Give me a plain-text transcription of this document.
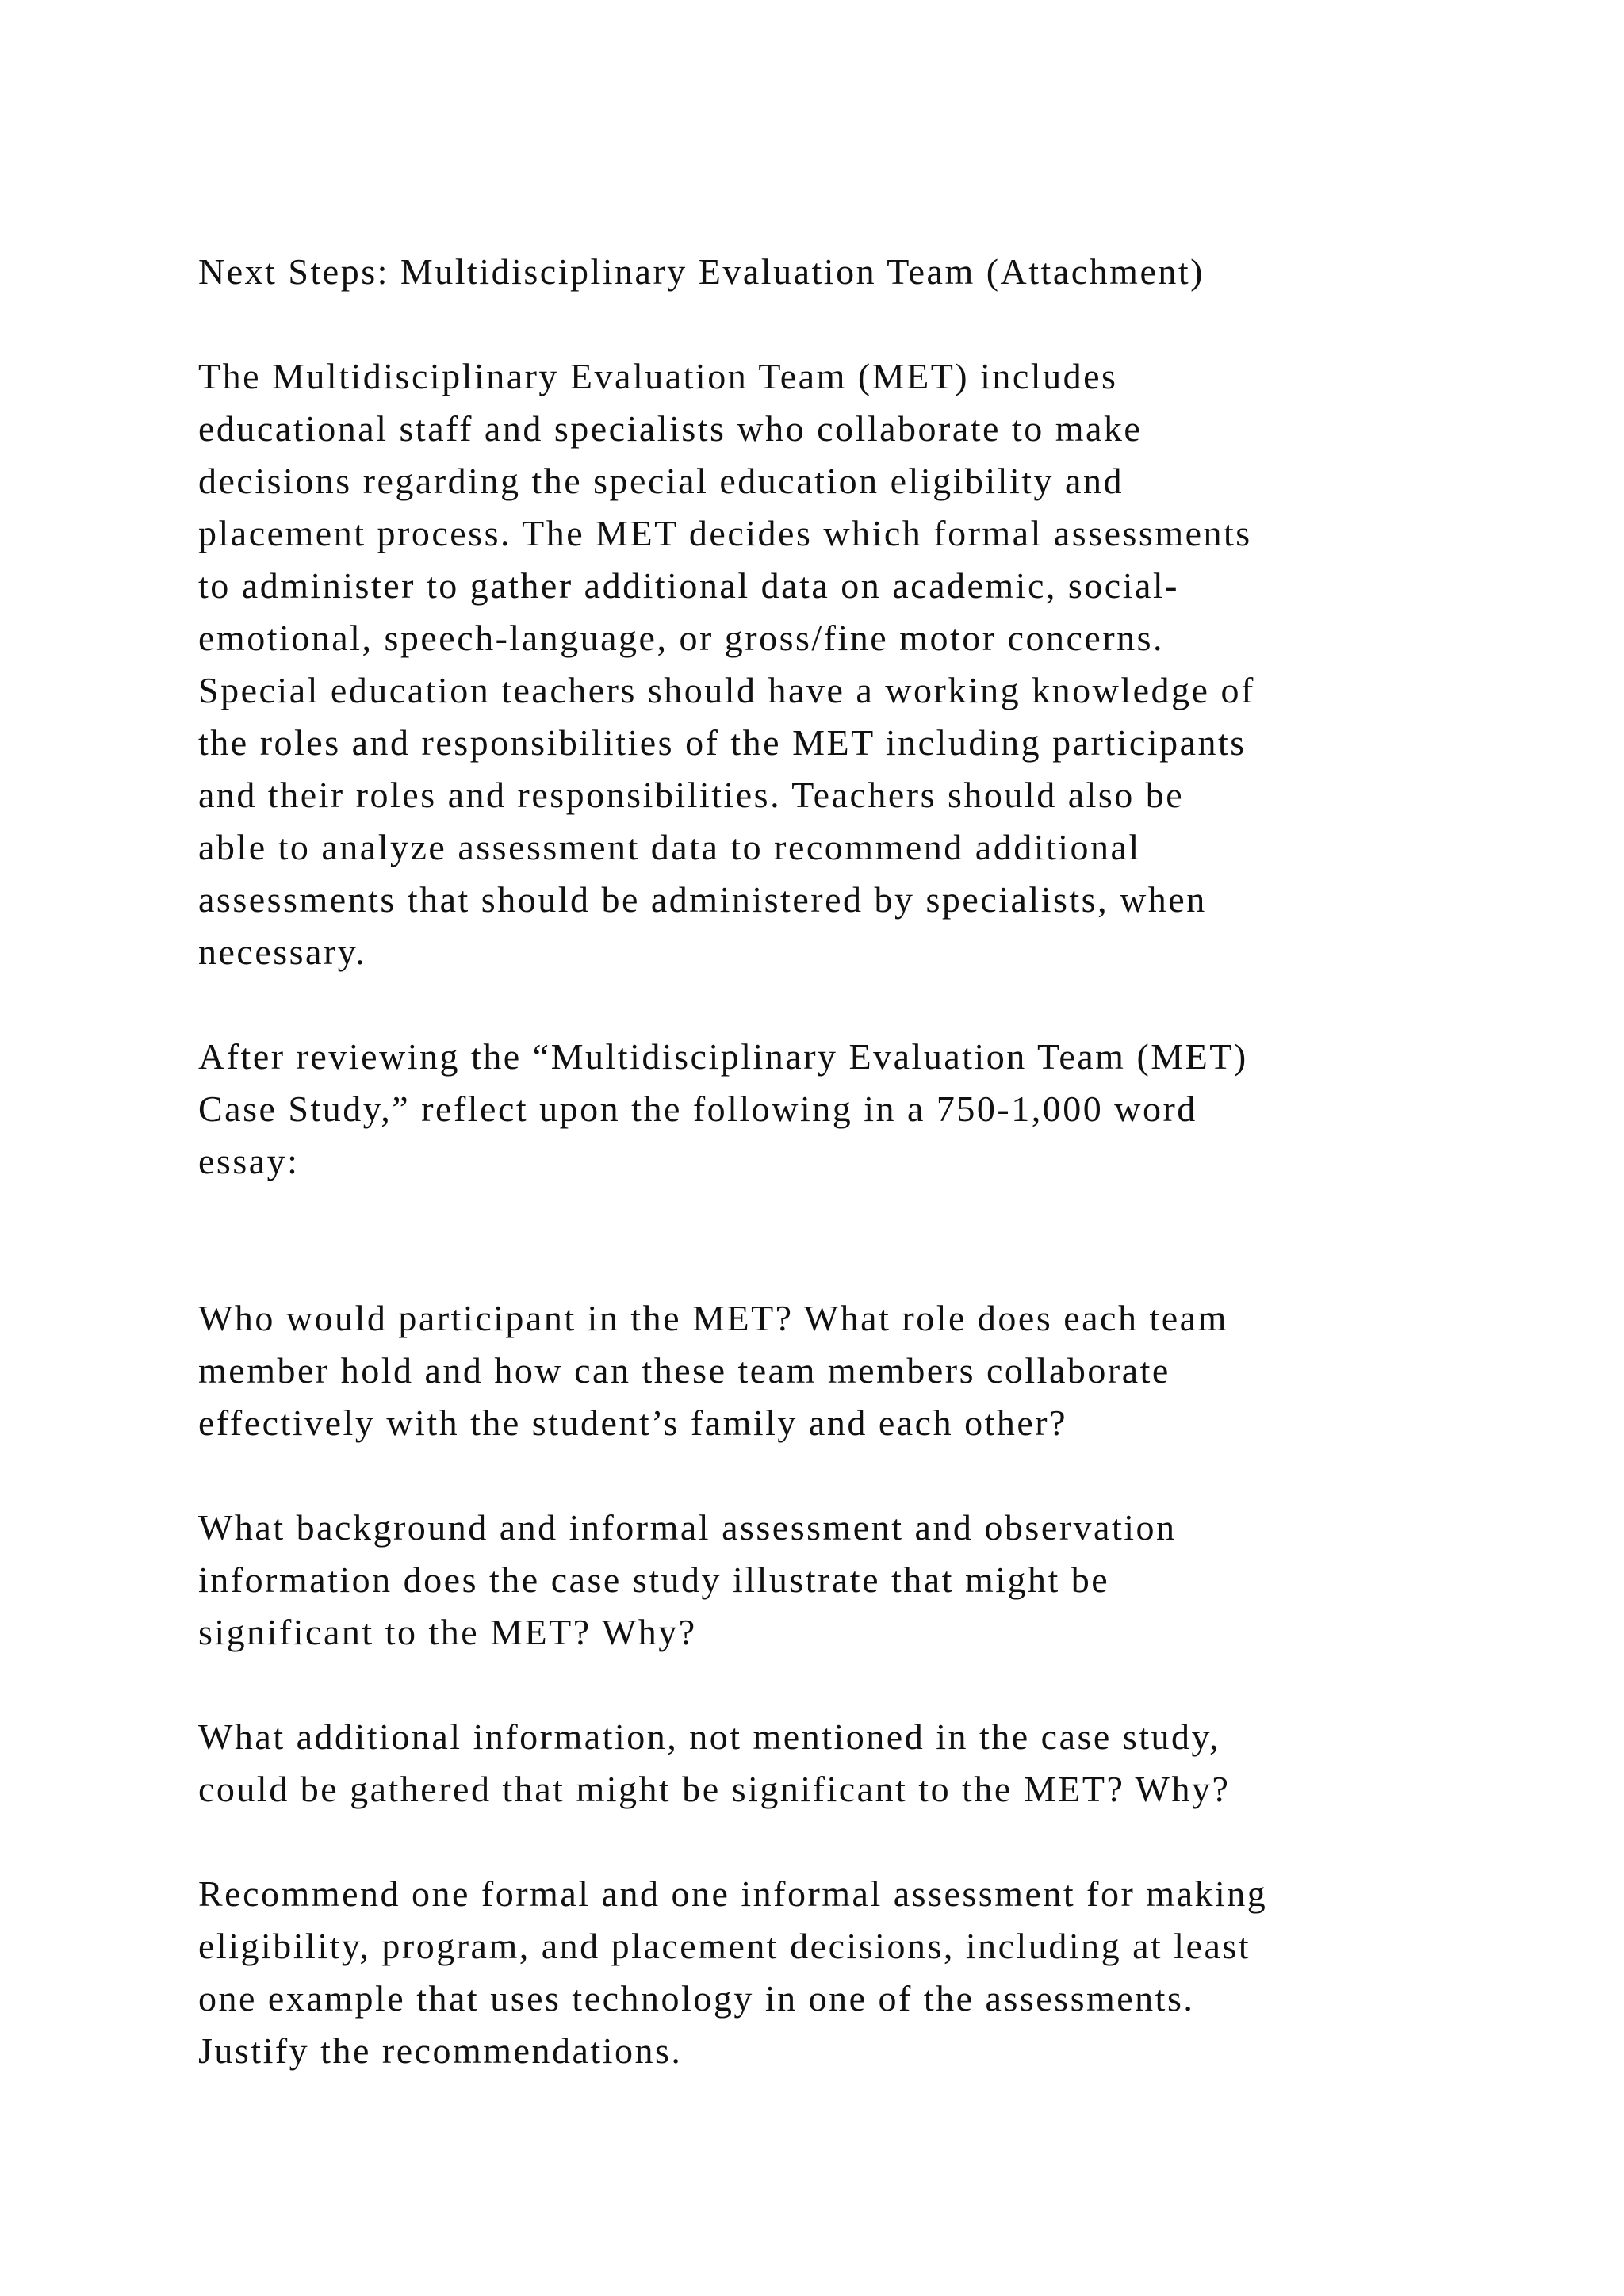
Next Steps: Multidisciplinary Evaluation Team (Attachment)

The Multidisciplinary Evaluation Team (MET) includes

educational staff and specialists who collaborate to make

decisions regarding the special education eligibility and

placement process. The MET decides which formal assessments

to administer to gather additional data on academic, social-

emotional, speech-language, or gross/fine motor concerns.

Special education teachers should have a working knowledge of

the roles and responsibilities of the MET including participants

and their roles and responsibilities. Teachers should also be

able to analyze assessment data to recommend additional

assessments that should be administered by specialists, when

necessary.

After reviewing the “Multidisciplinary Evaluation Team (MET)

Case Study,” reflect upon the following in a 750-1,000 word

essay:

Who would participant in the MET? What role does each team

member hold and how can these team members collaborate

effectively with the student’s family and each other?

What background and informal assessment and observation

information does the case study illustrate that might be

significant to the MET? Why?

What additional information, not mentioned in the case study,

could be gathered that might be significant to the MET? Why?

Recommend one formal and one informal assessment for making

eligibility, program, and placement decisions, including at least

one example that uses technology in one of the assessments.

Justify the recommendations.
